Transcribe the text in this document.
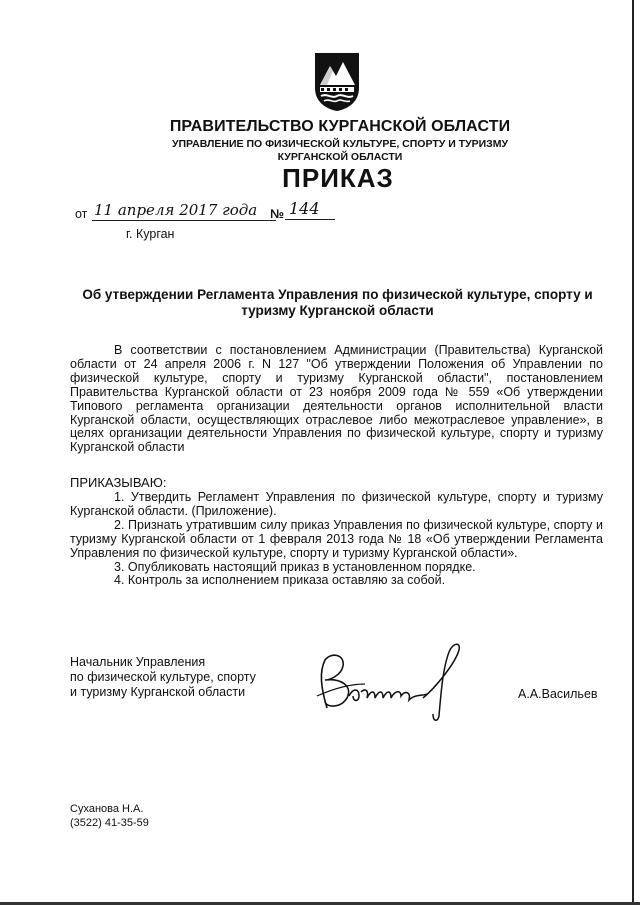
ПРАВИТЕЛЬСТВО КУРГАНСКОЙ ОБЛАСТИ
УПРАВЛЕНИЕ ПО ФИЗИЧЕСКОЙ КУЛЬТУРЕ, СПОРТУ И ТУРИЗМУ
КУРГАНСКОЙ ОБЛАСТИ
ПРИКАЗ
от 11 апреля 2017 года	№ 144
г. Курган
Об утверждении Регламента Управления по физической культуре, спорту и туризму Курганской области

В соответствии с постановлением Администрации (Правительства) Курганской области от 24 апреля 2006 г. N 127 "Об утверждении Положения об Управлении по физической культуре, спорту и туризму Курганской области", постановлением Правительства Курганской области от 23 ноября 2009 года № 559 «Об утверждении Типового регламента организации деятельности органов исполнительной власти Курганской области, осуществляющих отраслевое либо межотраслевое управление», в целях организации деятельности Управления по физической культуре, спорту и туризму Курганской области

ПРИКАЗЫВАЮ:

1. Утвердить Регламент Управления по физической культуре, спорту и туризму Курганской области. (Приложение).

2. Признать утратившим силу приказ Управления по физической культуре, спорту и туризму Курганской области от 1 февраля 2013 года № 18 «Об утверждении Регламента Управления по физической культуре, спорту и туризму Курганской области».

3. Опубликовать настоящий приказ в установленном порядке.

4. Контроль за исполнением приказа оставляю за собой.

Начальник Управления
по физической культуре, спорту
и туризму Курганской области	А.А.Васильев
Суханова Н.А.
(3522) 41-35-59
